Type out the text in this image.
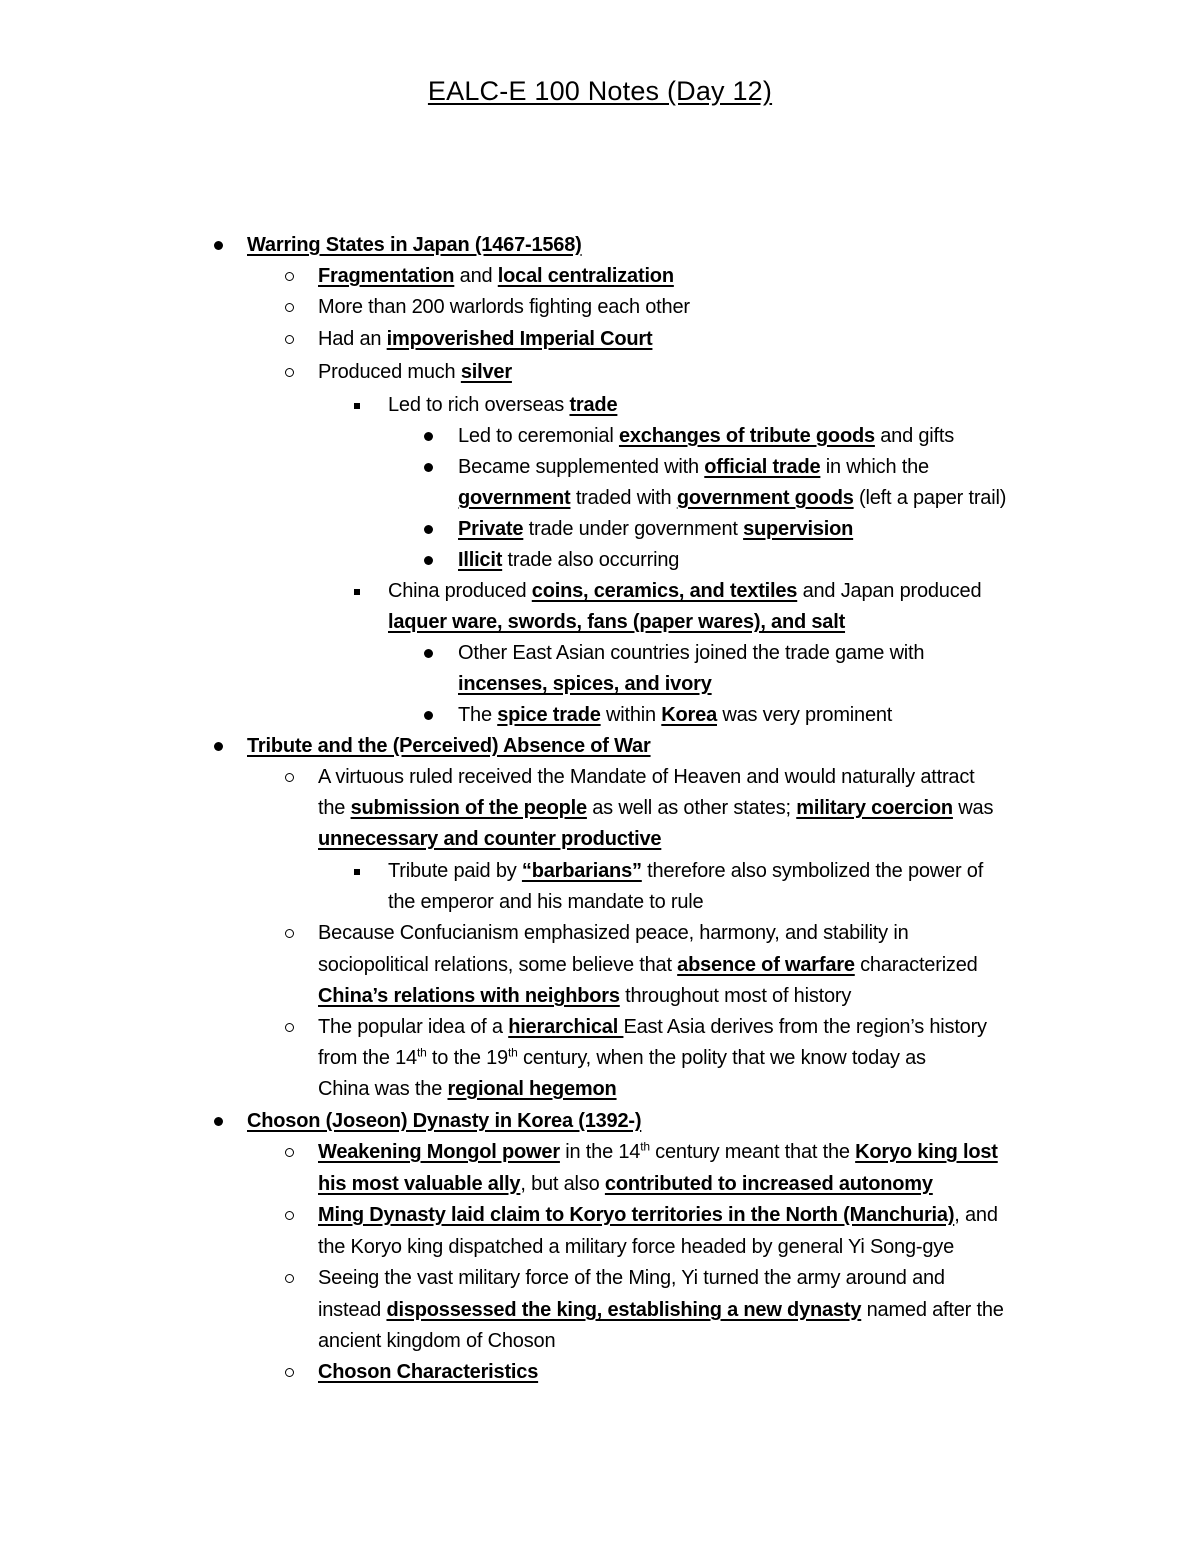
EALC-E 100 Notes (Day 12)
Warring States in Japan (1467-1568)
Fragmentation and local centralization
More than 200 warlords fighting each other
Had an impoverished Imperial Court
Produced much silver
Led to rich overseas trade
Led to ceremonial exchanges of tribute goods and gifts
Became supplemented with official trade in which the
government traded with government goods (left a paper trail)
Private trade under government supervision
Illicit trade also occurring
China produced coins, ceramics, and textiles and Japan produced
laquer ware, swords, fans (paper wares), and salt
Other East Asian countries joined the trade game with
incenses, spices, and ivory
The spice trade within Korea was very prominent
Tribute and the (Perceived) Absence of War
A virtuous ruled received the Mandate of Heaven and would naturally attract
the submission of the people as well as other states; military coercion was
unnecessary and counter productive
Tribute paid by “barbarians” therefore also symbolized the power of
the emperor and his mandate to rule
Because Confucianism emphasized peace, harmony, and stability in
sociopolitical relations, some believe that absence of warfare characterized
China’s relations with neighbors throughout most of history
The popular idea of a hierarchical East Asia derives from the region’s history
from the 14th to the 19th century, when the polity that we know today as
China was the regional hegemon
Choson (Joseon) Dynasty in Korea (1392-)
Weakening Mongol power in the 14th century meant that the Koryo king lost
his most valuable ally, but also contributed to increased autonomy
Ming Dynasty laid claim to Koryo territories in the North (Manchuria), and
the Koryo king dispatched a military force headed by general Yi Song-gye
Seeing the vast military force of the Ming, Yi turned the army around and
instead dispossessed the king, establishing a new dynasty named after the
ancient kingdom of Choson
Choson Characteristics
